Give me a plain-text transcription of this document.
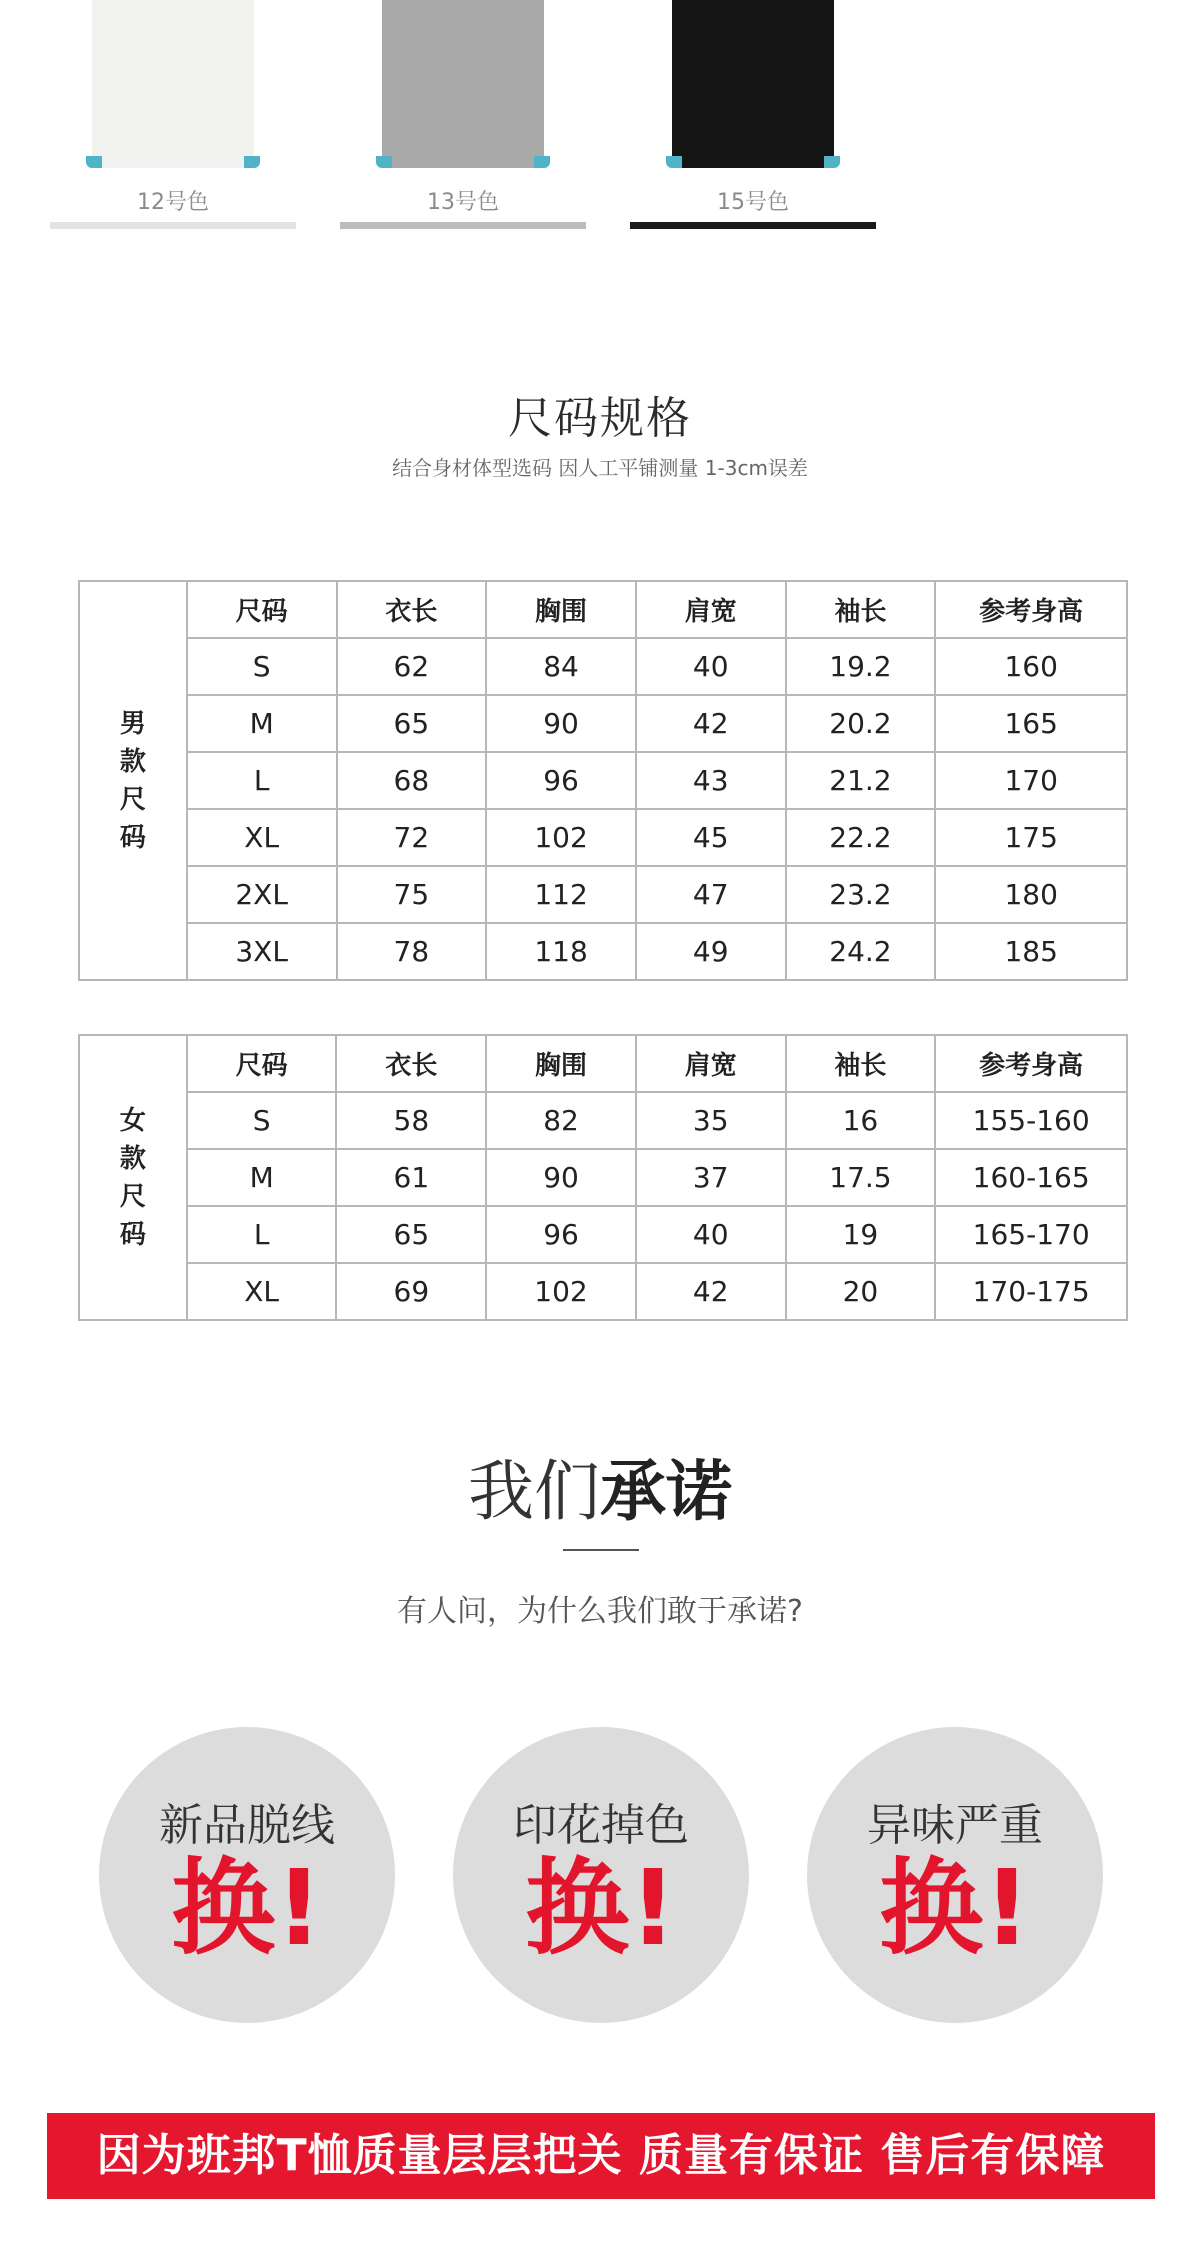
12号色	13号色	15号色
尺码规格
结合身材体型选码 因人工平铺测量 1-3cm误差
男款尺码	尺码	衣长	胸围	肩宽	袖长	参考身高
	S	62	84	40	19.2	160
	M	65	90	42	20.2	165
	L	68	96	43	21.2	170
	XL	72	102	45	22.2	175
	2XL	75	112	47	23.2	180
	3XL	78	118	49	24.2	185
女款尺码	尺码	衣长	胸围	肩宽	袖长	参考身高
	S	58	82	35	16	155-160
	M	61	90	37	17.5	160-165
	L	65	96	40	19	165-170
	XL	69	102	42	20	170-175
我们承诺
有人问，为什么我们敢于承诺?
新品脱线
换!
印花掉色
换!
异味严重
换!
因为班邦T恤质量层层把关 质量有保证 售后有保障
